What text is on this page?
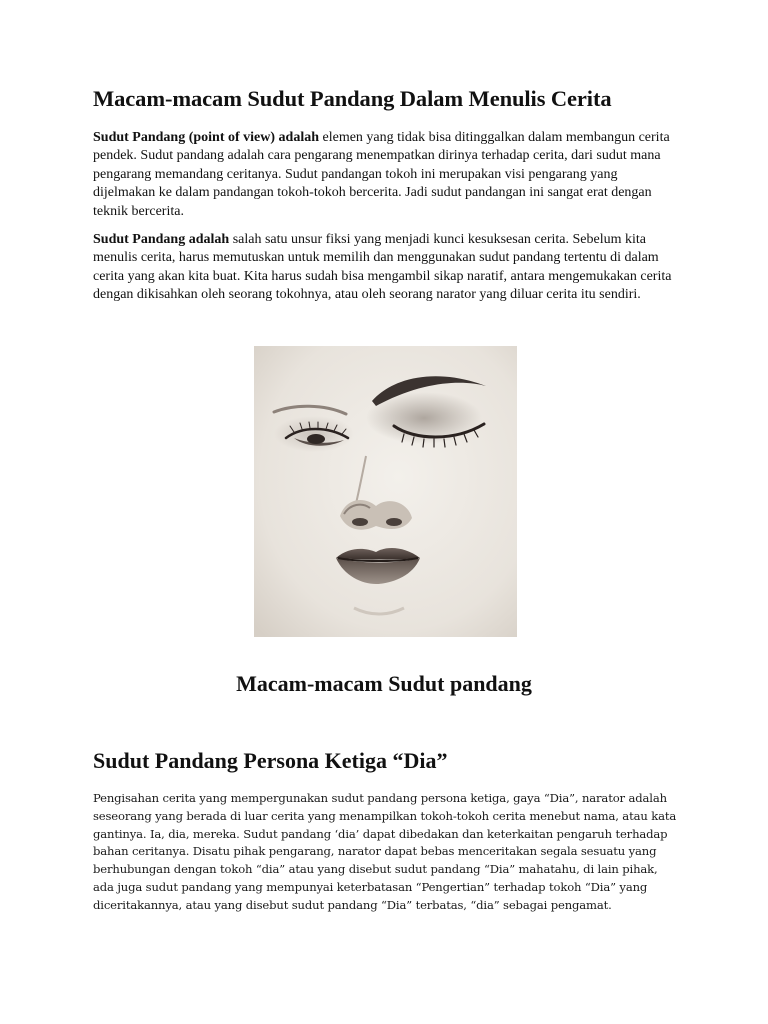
Macam-macam Sudut Pandang Dalam Menulis Cerita

Sudut Pandang (point of view) adalah elemen yang tidak bisa ditinggalkan dalam membangun cerita pendek. Sudut pandang adalah cara pengarang menempatkan dirinya terhadap cerita, dari sudut mana pengarang memandang ceritanya. Sudut pandangan tokoh ini merupakan visi pengarang yang dijelmakan ke dalam pandangan tokoh-tokoh bercerita. Jadi sudut pandangan ini sangat erat dengan teknik bercerita.

Sudut Pandang adalah salah satu unsur fiksi yang menjadi kunci kesuksesan cerita. Sebelum kita menulis cerita, harus memutuskan untuk memilih dan menggunakan sudut pandang tertentu di dalam cerita yang akan kita buat. Kita harus sudah bisa mengambil sikap naratif, antara mengemukakan cerita dengan dikisahkan oleh seorang tokohnya, atau oleh seorang narator yang diluar cerita itu sendiri.

Macam-macam Sudut pandang
Sudut Pandang Persona Ketiga “Dia”

Pengisahan cerita yang mempergunakan sudut pandang persona ketiga, gaya “Dia”, narator adalah seseorang yang berada di luar cerita yang menampilkan tokoh-tokoh cerita menebut nama, atau kata gantinya. Ia, dia, mereka. Sudut pandang ‘dia’ dapat dibedakan dan keterkaitan pengaruh terhadap bahan ceritanya. Disatu pihak pengarang, narator dapat bebas menceritakan segala sesuatu yang berhubungan dengan tokoh “dia” atau yang disebut sudut pandang “Dia” mahatahu, di lain pihak, ada juga sudut pandang yang mempunyai keterbatasan “Pengertian” terhadap tokoh “Dia” yang diceritakannya, atau yang disebut sudut pandang “Dia” terbatas, “dia” sebagai pengamat.
